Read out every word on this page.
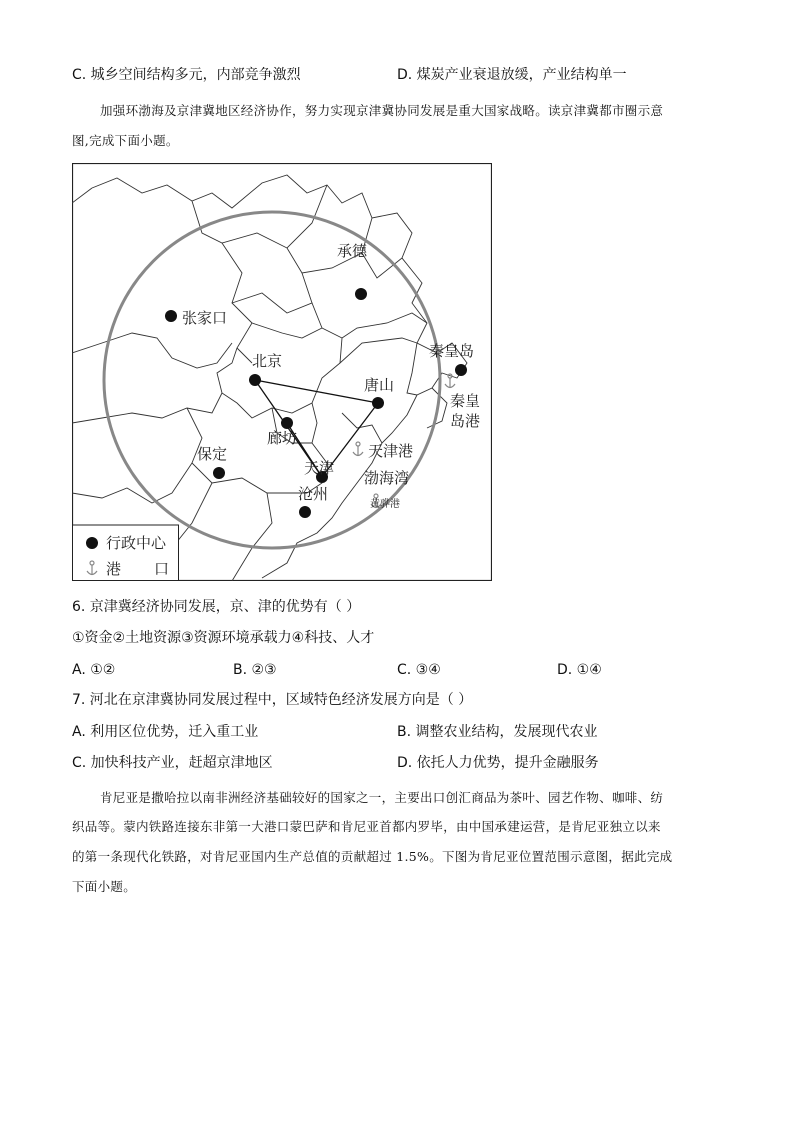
C. 城乡空间结构多元，内部竞争激烈	D. 煤炭产业衰退放缓，产业结构单一
加强环渤海及京津冀地区经济协作，努力实现京津冀协同发展是重大国家战略。读京津冀都市圈示意
图,完成下面小题。
承德
张家口
北京
秦皇岛
唐山
秦皇
岛港
廊坊
保定	天津港
天津
渤海湾
沧州
黄骅港
行政中心
港 口
6. 京津冀经济协同发展，京、津的优势有（ ）
①资金②土地资源③资源环境承载力④科技、人才
A. ①②	B. ②③	C. ③④	D. ①④
7. 河北在京津冀协同发展过程中，区域特色经济发展方向是（ ）
A. 利用区位优势，迁入重工业	B. 调整农业结构，发展现代农业
C. 加快科技产业，赶超京津地区	D. 依托人力优势，提升金融服务
肯尼亚是撒哈拉以南非洲经济基础较好的国家之一，主要出口创汇商品为茶叶、园艺作物、咖啡、纺
织品等。蒙内铁路连接东非第一大港口蒙巴萨和肯尼亚首都内罗毕，由中国承建运营，是肯尼亚独立以来
的第一条现代化铁路，对肯尼亚国内生产总值的贡献超过 1.5%。下图为肯尼亚位置范围示意图，据此完成
下面小题。
